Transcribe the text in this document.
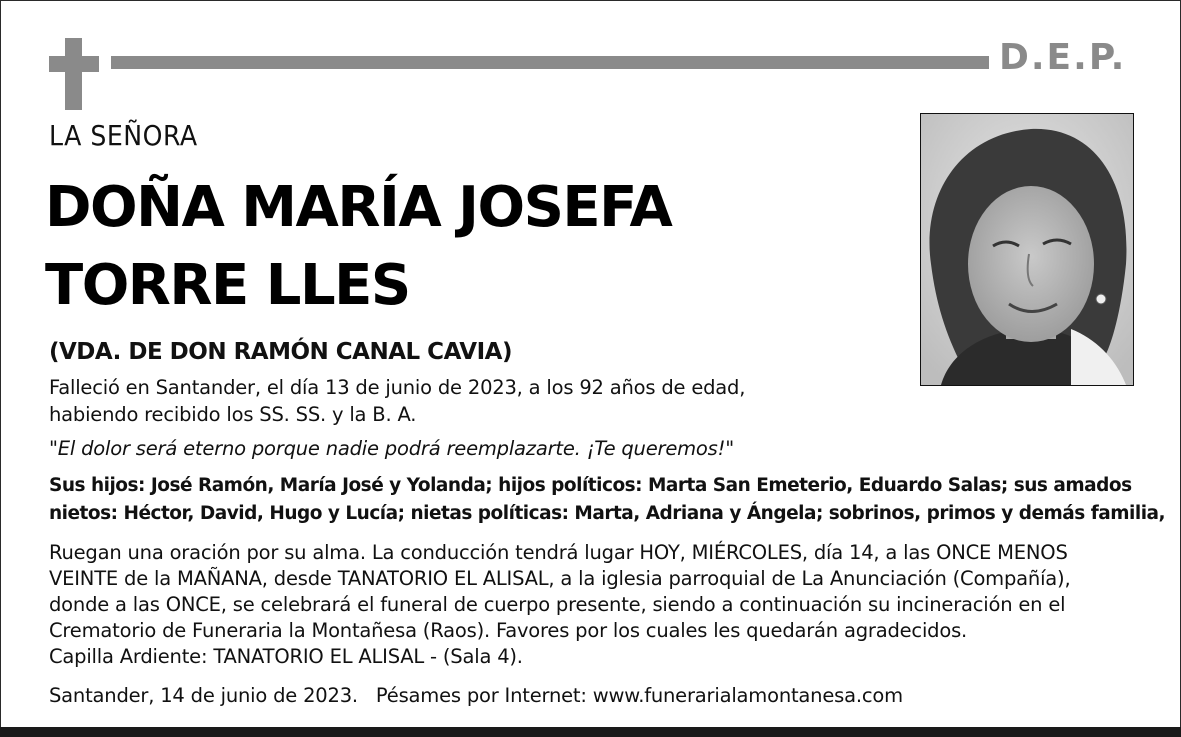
D.E.P.
LA SEÑORA
DOÑA MARÍA JOSEFA
TORRE LLES
(VDA. DE DON RAMÓN CANAL CAVIA)
Falleció en Santander, el día 13 de junio de 2023, a los 92 años de edad,
habiendo recibido los SS. SS. y la B. A.
"El dolor será eterno porque nadie podrá reemplazarte. ¡Te queremos!"
Sus hijos: José Ramón, María José y Yolanda; hijos políticos: Marta San Emeterio, Eduardo Salas; sus amados
nietos: Héctor, David, Hugo y Lucía; nietas políticas: Marta, Adriana y Ángela; sobrinos, primos y demás familia,
Ruegan una oración por su alma. La conducción tendrá lugar HOY, MIÉRCOLES, día 14, a las ONCE MENOS
VEINTE de la MAÑANA, desde TANATORIO EL ALISAL, a la iglesia parroquial de La Anunciación (Compañía),
donde a las ONCE, se celebrará el funeral de cuerpo presente, siendo a continuación su incineración en el
Crematorio de Funeraria la Montañesa (Raos). Favores por los cuales les quedarán agradecidos.
Capilla Ardiente: TANATORIO EL ALISAL - (Sala 4).
Santander, 14 de junio de 2023. Pésames por Internet: www.funerarialamontanesa.com
